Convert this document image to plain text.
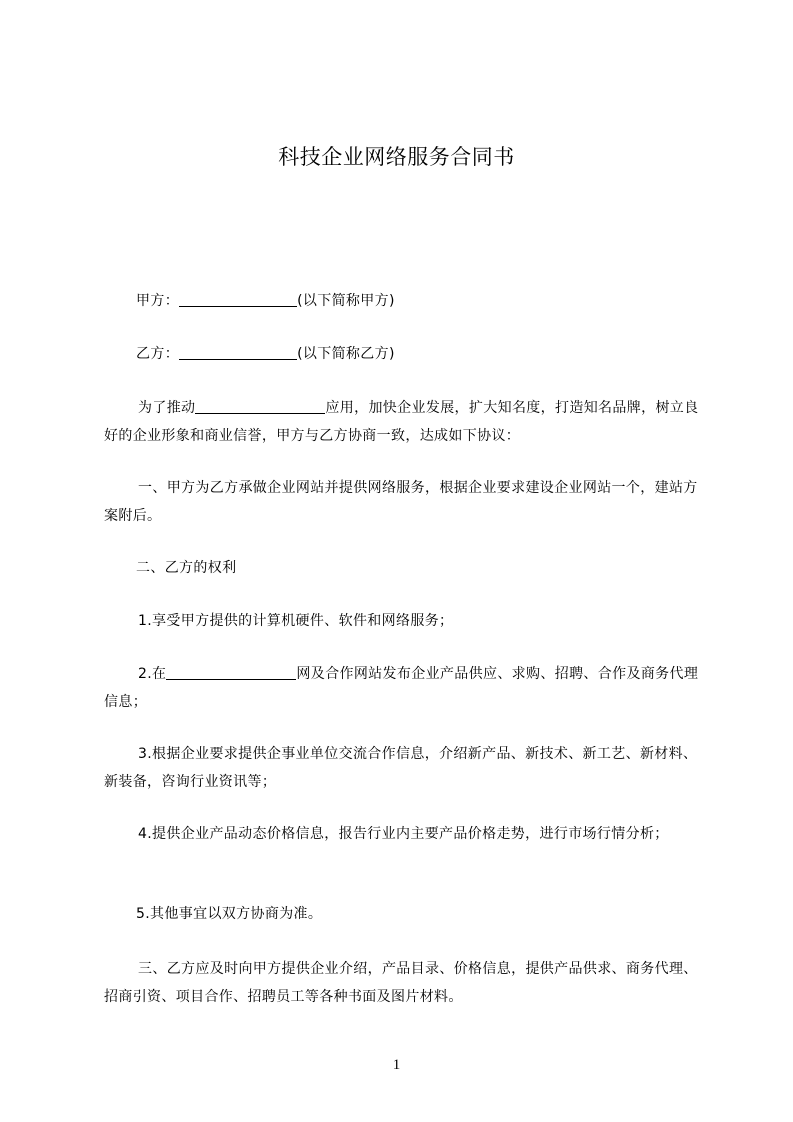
科技企业网络服务合同书

甲方：	(以下简称甲方)

乙方：	(以下简称乙方)

为了推动	应用，加快企业发展，扩大知名度，打造知名品牌，树立良好的企业形象和商业信誉，甲方与乙方协商一致，达成如下协议：

一、甲方为乙方承做企业网站并提供网络服务，根据企业要求建设企业网站一个，建站方案附后。

二、乙方的权利

1.享受甲方提供的计算机硬件、软件和网络服务；

2.在	网及合作网站发布企业产品供应、求购、招聘、合作及商务代理信息；

3.根据企业要求提供企事业单位交流合作信息，介绍新产品、新技术、新工艺、新材料、新装备，咨询行业资讯等；

4.提供企业产品动态价格信息，报告行业内主要产品价格走势，进行市场行情分析；

5.其他事宜以双方协商为准。

三、乙方应及时向甲方提供企业介绍，产品目录、价格信息，提供产品供求、商务代理、招商引资、项目合作、招聘员工等各种书面及图片材料。

1
